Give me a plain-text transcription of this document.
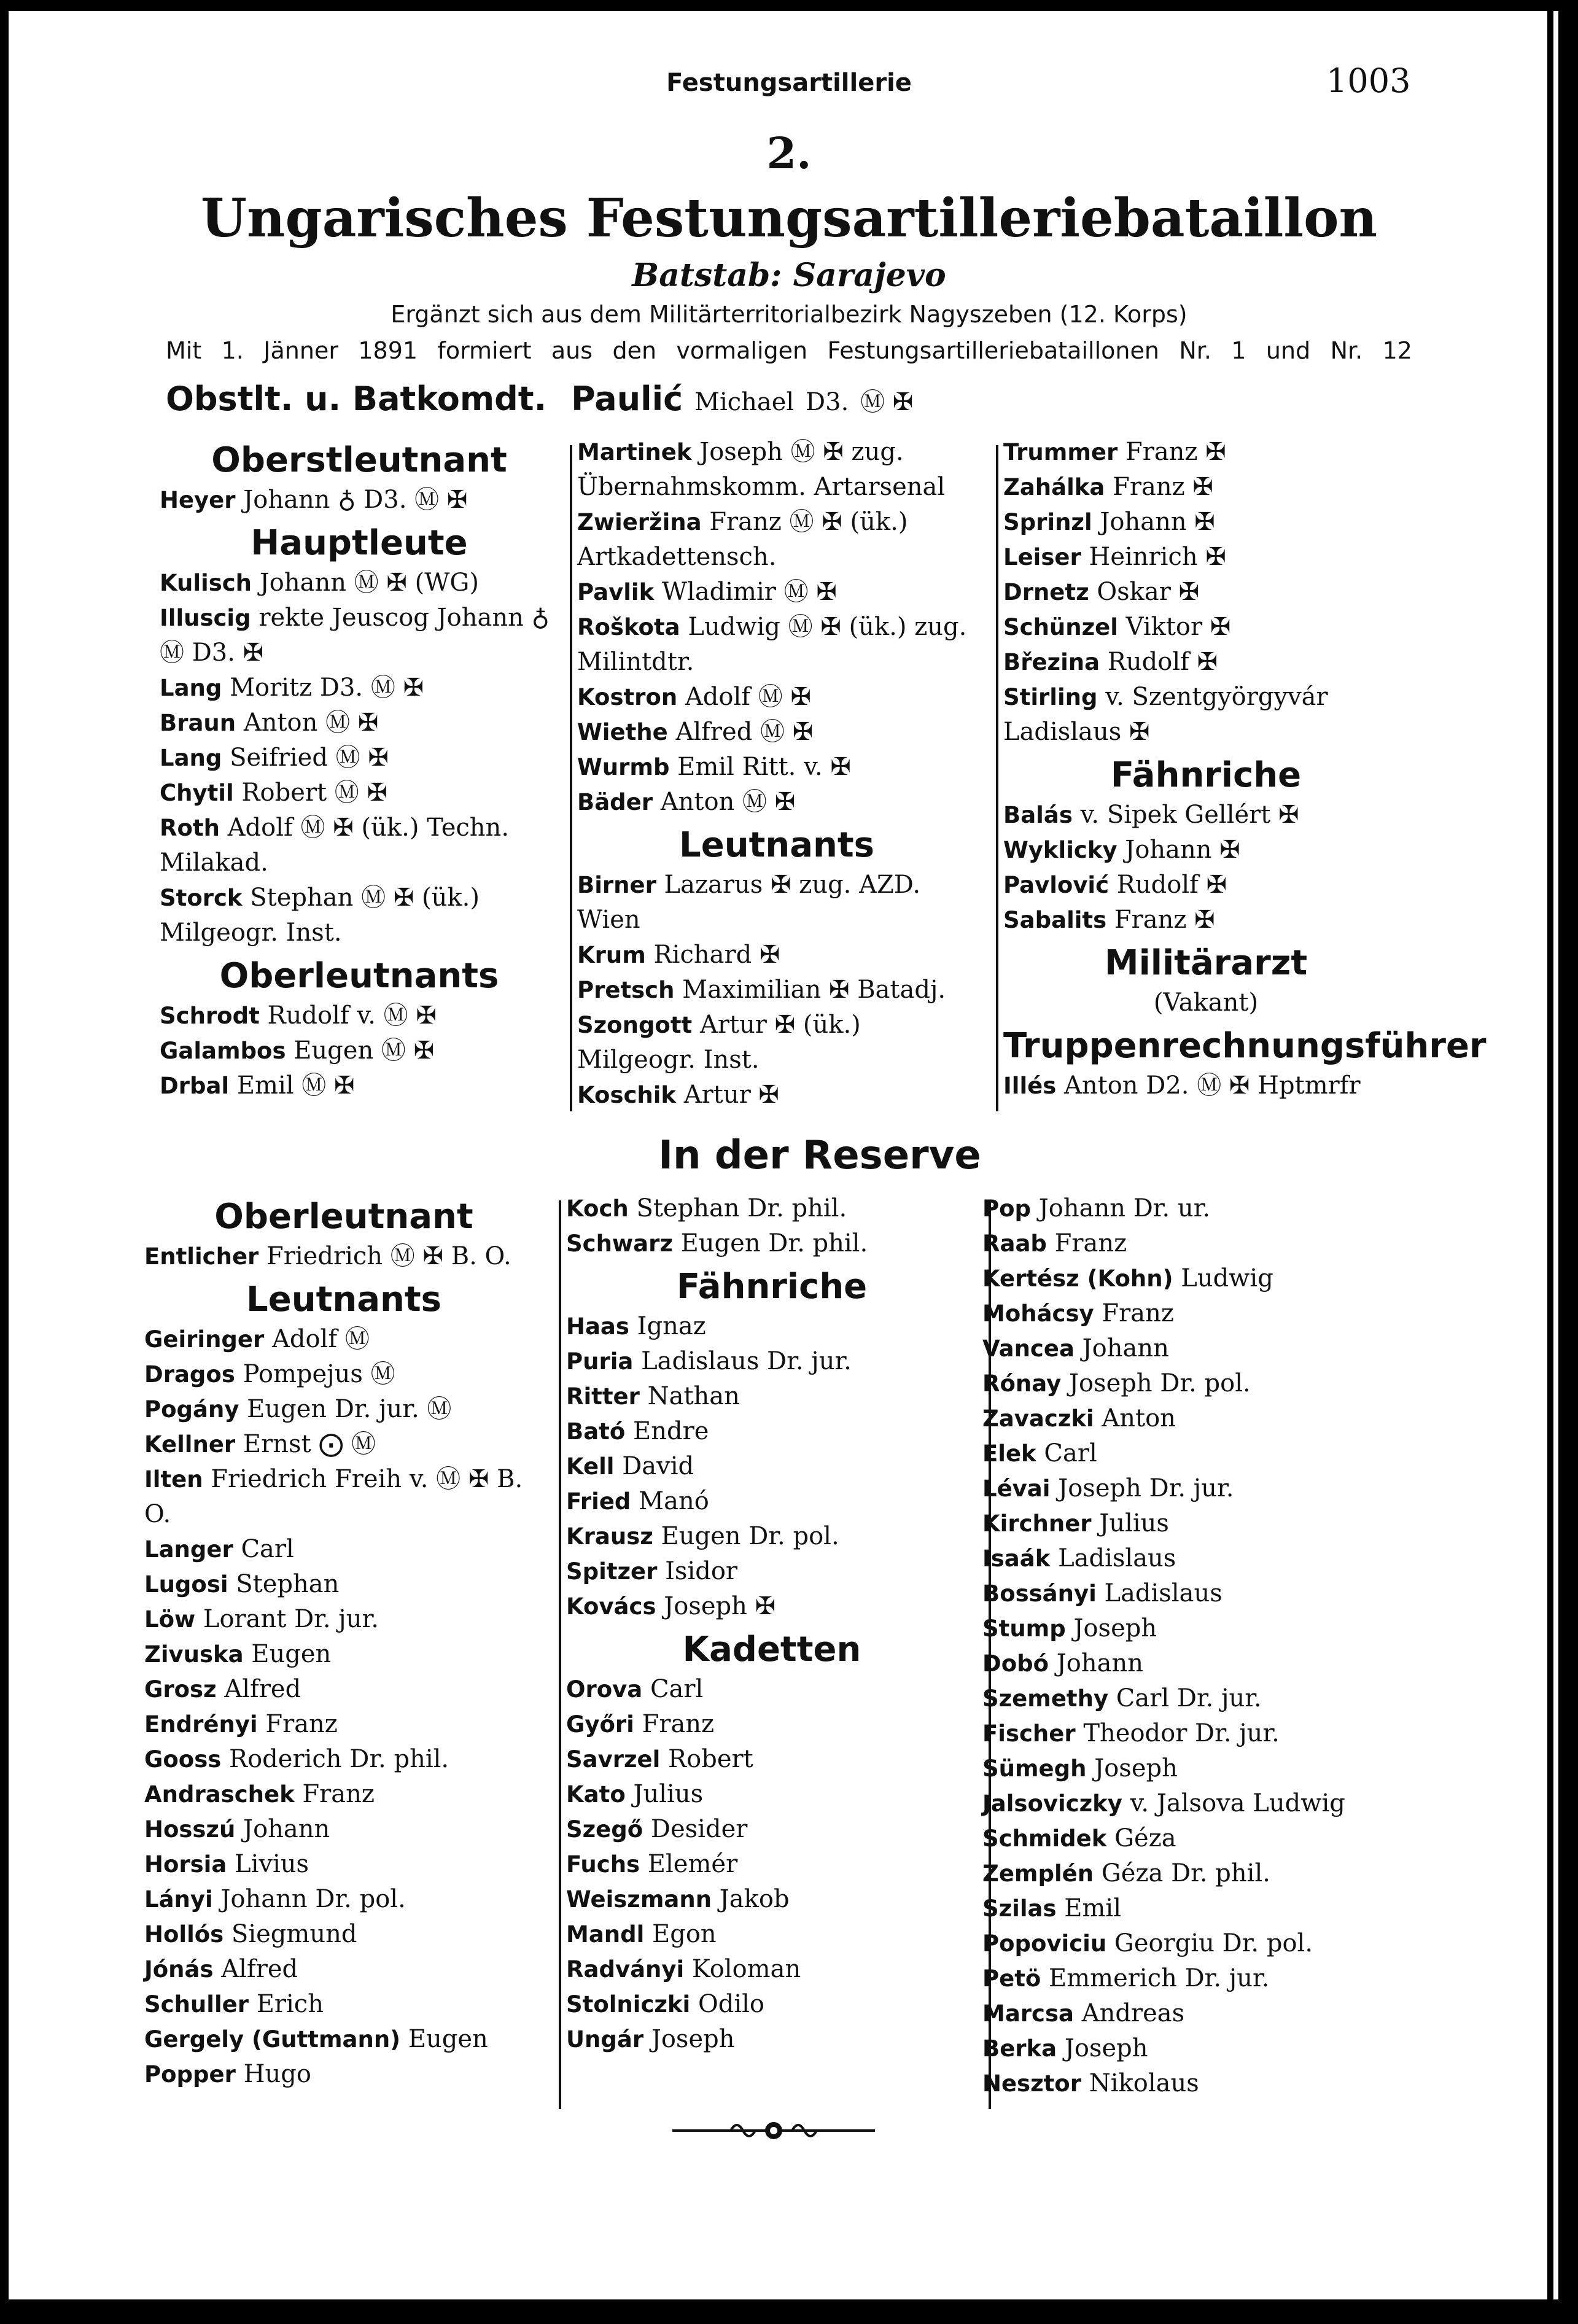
Festungsartillerie	1003
2.
Ungarisches Festungsartilleriebataillon
Batstab: Sarajevo
Ergänzt sich aus dem Militärterritorialbezirk Nagyszeben (12. Korps)
Mit 1. Jänner 1891 formiert aus den vormaligen Festungsartilleriebataillonen Nr. 1 und Nr. 12
Obstlt. u. Batkomdt. Paulić Michael D3. Ⓜ ✠
Oberstleutnant
Heyer Johann ♁ D3. Ⓜ ✠
Hauptleute
Kulisch Johann Ⓜ ✠ (WG)
Illuscig rekte Jeuscog Johann ♁ Ⓜ D3. ✠
Lang Moritz D3. Ⓜ ✠
Braun Anton Ⓜ ✠
Lang Seifried Ⓜ ✠
Chytil Robert Ⓜ ✠
Roth Adolf Ⓜ ✠ (ük.) Techn. Milakad.
Storck Stephan Ⓜ ✠ (ük.) Milgeogr. Inst.
Oberleutnants
Schrodt Rudolf v. Ⓜ ✠
Galambos Eugen Ⓜ ✠
Drbal Emil Ⓜ ✠
Martinek Joseph Ⓜ ✠ zug. Übernahmskomm. Artarsenal
Zwieržina Franz Ⓜ ✠ (ük.) Artkadettensch.
Pavlik Wladimir Ⓜ ✠
Roškota Ludwig Ⓜ ✠ (ük.) zug. Milintdtr.
Kostron Adolf Ⓜ ✠
Wiethe Alfred Ⓜ ✠
Wurmb Emil Ritt. v. ✠
Bäder Anton Ⓜ ✠
Leutnants
Birner Lazarus ✠ zug. AZD. Wien
Krum Richard ✠
Pretsch Maximilian ✠ Batadj.
Szongott Artur ✠ (ük.) Milgeogr. Inst.
Koschik Artur ✠
Trummer Franz ✠
Zahálka Franz ✠
Sprinzl Johann ✠
Leiser Heinrich ✠
Drnetz Oskar ✠
Schünzel Viktor ✠
Březina Rudolf ✠
Stirling v. Szentgyörgyvár Ladislaus ✠
Fähnriche
Balás v. Sipek Gellért ✠
Wyklicky Johann ✠
Pavlović Rudolf ✠
Sabalits Franz ✠
Militärarzt
(Vakant)
Truppenrechnungsführer
Illés Anton D2. Ⓜ ✠ Hptmrfr
In der Reserve
Oberleutnant
Entlicher Friedrich Ⓜ ✠ B. O.
Leutnants
Geiringer Adolf Ⓜ
Dragos Pompejus Ⓜ
Pogány Eugen Dr. jur. Ⓜ
Kellner Ernst ⨀ Ⓜ
Ilten Friedrich Freih v. Ⓜ ✠ B. O.
Langer Carl
Lugosi Stephan
Löw Lorant Dr. jur.
Zivuska Eugen
Grosz Alfred
Endrényi Franz
Gooss Roderich Dr. phil.
Andraschek Franz
Hosszú Johann
Horsia Livius
Lányi Johann Dr. pol.
Hollós Siegmund
Jónás Alfred
Schuller Erich
Gergely (Guttmann) Eugen
Popper Hugo
Koch Stephan Dr. phil.
Schwarz Eugen Dr. phil.
Fähnriche
Haas Ignaz
Puria Ladislaus Dr. jur.
Ritter Nathan
Bató Endre
Kell David
Fried Manó
Krausz Eugen Dr. pol.
Spitzer Isidor
Kovács Joseph ✠
Kadetten
Orova Carl
Győri Franz
Savrzel Robert
Kato Julius
Szegő Desider
Fuchs Elemér
Weiszmann Jakob
Mandl Egon
Radványi Koloman
Stolniczki Odilo
Ungár Joseph
Pop Johann Dr. ur.
Raab Franz
Kertész (Kohn) Ludwig
Mohácsy Franz
Vancea Johann
Rónay Joseph Dr. pol.
Zavaczki Anton
Elek Carl
Lévai Joseph Dr. jur.
Kirchner Julius
Isaák Ladislaus
Bossányi Ladislaus
Stump Joseph
Dobó Johann
Szemethy Carl Dr. jur.
Fischer Theodor Dr. jur.
Sümegh Joseph
Jalsoviczky v. Jalsova Ludwig
Schmidek Géza
Zemplén Géza Dr. phil.
Szilas Emil
Popoviciu Georgiu Dr. pol.
Petö Emmerich Dr. jur.
Marcsa Andreas
Berka Joseph
Nesztor Nikolaus
